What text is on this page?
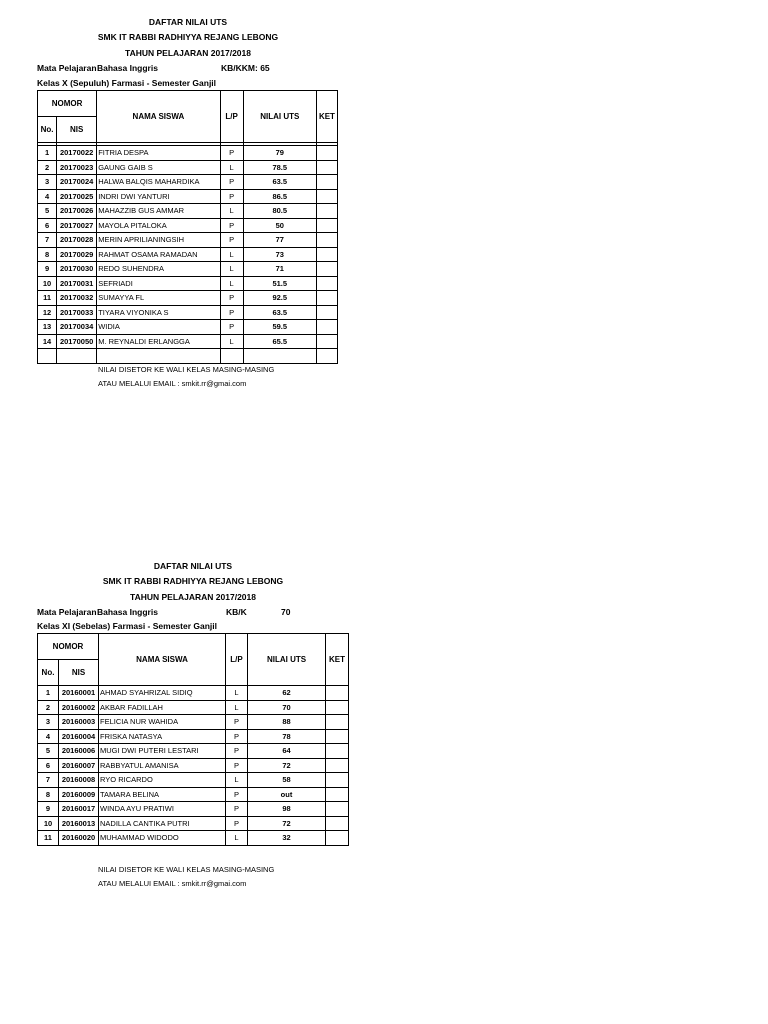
DAFTAR NILAI UTS
SMK IT RABBI RADHIYYA REJANG LEBONG
TAHUN PELAJARAN 2017/2018
Mata Pelajaran Bahasa Inggris	KB/KKM: 65
Kelas X (Sepuluh) Farmasi - Semester Ganjil
NOMOR		NAMA SISWA	L/P	NILAI UTS	KET
No.	NIS				

1	20170022	FITRIA DESPA	P	79	
2	20170023	GAUNG GAIB S	L	78.5	
3	20170024	HALWA BALQIS MAHARDIKA	P	63.5	
4	20170025	INDRI DWI YANTURI	P	86.5	
5	20170026	MAHAZZIB GUS AMMAR	L	80.5	
6	20170027	MAYOLA PITALOKA	P	50	
7	20170028	MERIN APRILIANINGSIH	P	77	
8	20170029	RAHMAT OSAMA RAMADAN	L	73	
9	20170030	REDO SUHENDRA	L	71	
10	20170031	SEFRIADI	L	51.5	
11	20170032	SUMAYYA FL	P	92.5	
12	20170033	TIYARA VIYONIKA S	P	63.5	
13	20170034	WIDIA	P	59.5	
14	20170050	M. REYNALDI ERLANGGA	L	65.5	

NILAI DISETOR KE WALI KELAS MASING-MASING
ATAU MELALUI EMAIL : smkit.rr@gmai.com
DAFTAR NILAI UTS
SMK IT RABBI RADHIYYA REJANG LEBONG
TAHUN PELAJARAN 2017/2018
Mata Pelajaran Bahasa Inggris	KB/K	70
Kelas XI (Sebelas) Farmasi - Semester Ganjil
NOMOR		NAMA SISWA	L/P	NILAI UTS	KET
No.	NIS				
1	20160001	AHMAD SYAHRIZAL SIDIQ	L	62	
2	20160002	AKBAR FADILLAH	L	70	
3	20160003	FELICIA NUR WAHIDA	P	88	
4	20160004	FRISKA NATASYA	P	78	
5	20160006	MUGI DWI PUTERI LESTARI	P	64	
6	20160007	RABBYATUL AMANISA	P	72	
7	20160008	RYO RICARDO	L	58	
8	20160009	TAMARA BELINA	P	out	
9	20160017	WINDA AYU PRATIWI	P	98	
10	20160013	NADILLA CANTIKA PUTRI	P	72	
11	20160020	MUHAMMAD WIDODO	L	32	
NILAI DISETOR KE WALI KELAS MASING-MASING
ATAU MELALUI EMAIL : smkit.rr@gmai.com
